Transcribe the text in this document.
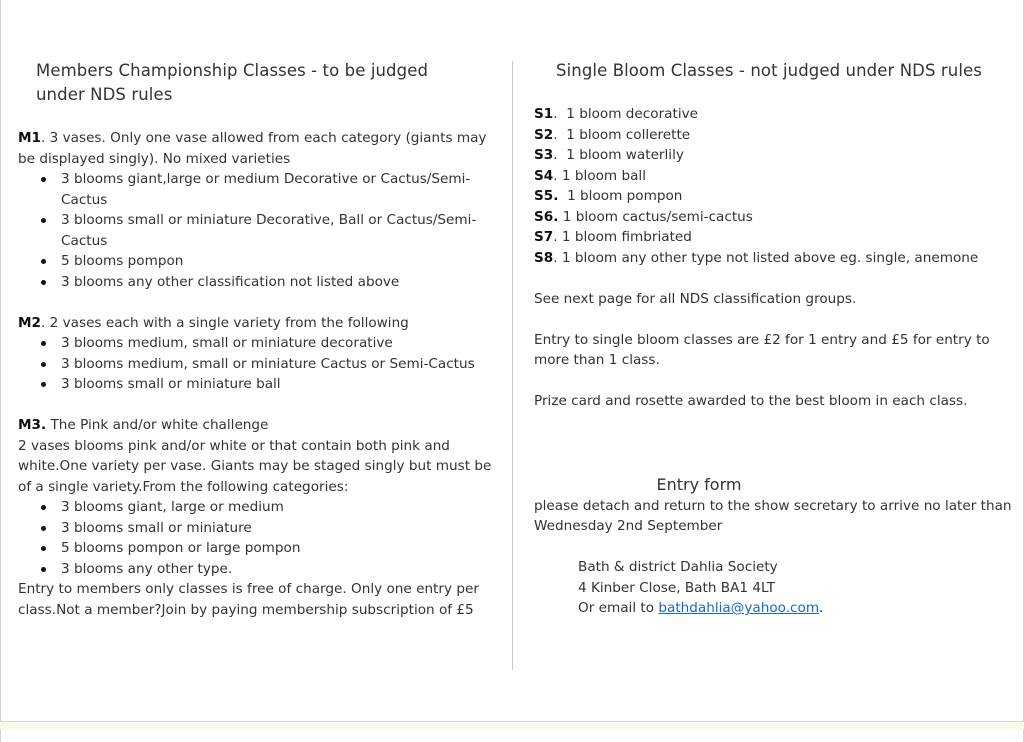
Members Championship Classes - to be judged under NDS rules
M1. 3 vases. Only one vase allowed from each category (giants may be displayed singly). No mixed varieties
3 blooms giant,large or medium Decorative or Cactus/Semi-Cactus
3 blooms small or miniature Decorative, Ball or Cactus/Semi-Cactus
5 blooms pompon
3 blooms any other classification not listed above
M2. 2 vases each with a single variety from the following
3 blooms medium, small or miniature decorative
3 blooms medium, small or miniature Cactus or Semi-Cactus
3 blooms small or miniature ball
M3. The Pink and/or white challenge
2 vases blooms pink and/or white or that contain both pink and white.One variety per vase. Giants may be staged singly but must be of a single variety.From the following categories:
3 blooms giant, large or medium
3 blooms small or miniature
5 blooms pompon or large pompon
3 blooms any other type.
Entry to members only classes is free of charge. Only one entry per class.Not a member?Join by paying membership subscription of £5
Single Bloom Classes - not judged under NDS rules
S1.  1 bloom decorative
S2.  1 bloom collerette
S3.  1 bloom waterlily
S4. 1 bloom ball
S5. 1 bloom pompon
S6. 1 bloom cactus/semi-cactus
S7. 1 bloom fimbriated
S8. 1 bloom any other type not listed above eg. single, anemone
See next page for all NDS classification groups.
Entry to single bloom classes are £2 for 1 entry and £5 for entry to more than 1 class.
Prize card and rosette awarded to the best bloom in each class.
Entry form
please detach and return to the show secretary to arrive no later than Wednesday 2nd September
Bath & district Dahlia Society
4 Kinber Close, Bath BA1 4LT
Or email to bathdahlia@yahoo.com.
